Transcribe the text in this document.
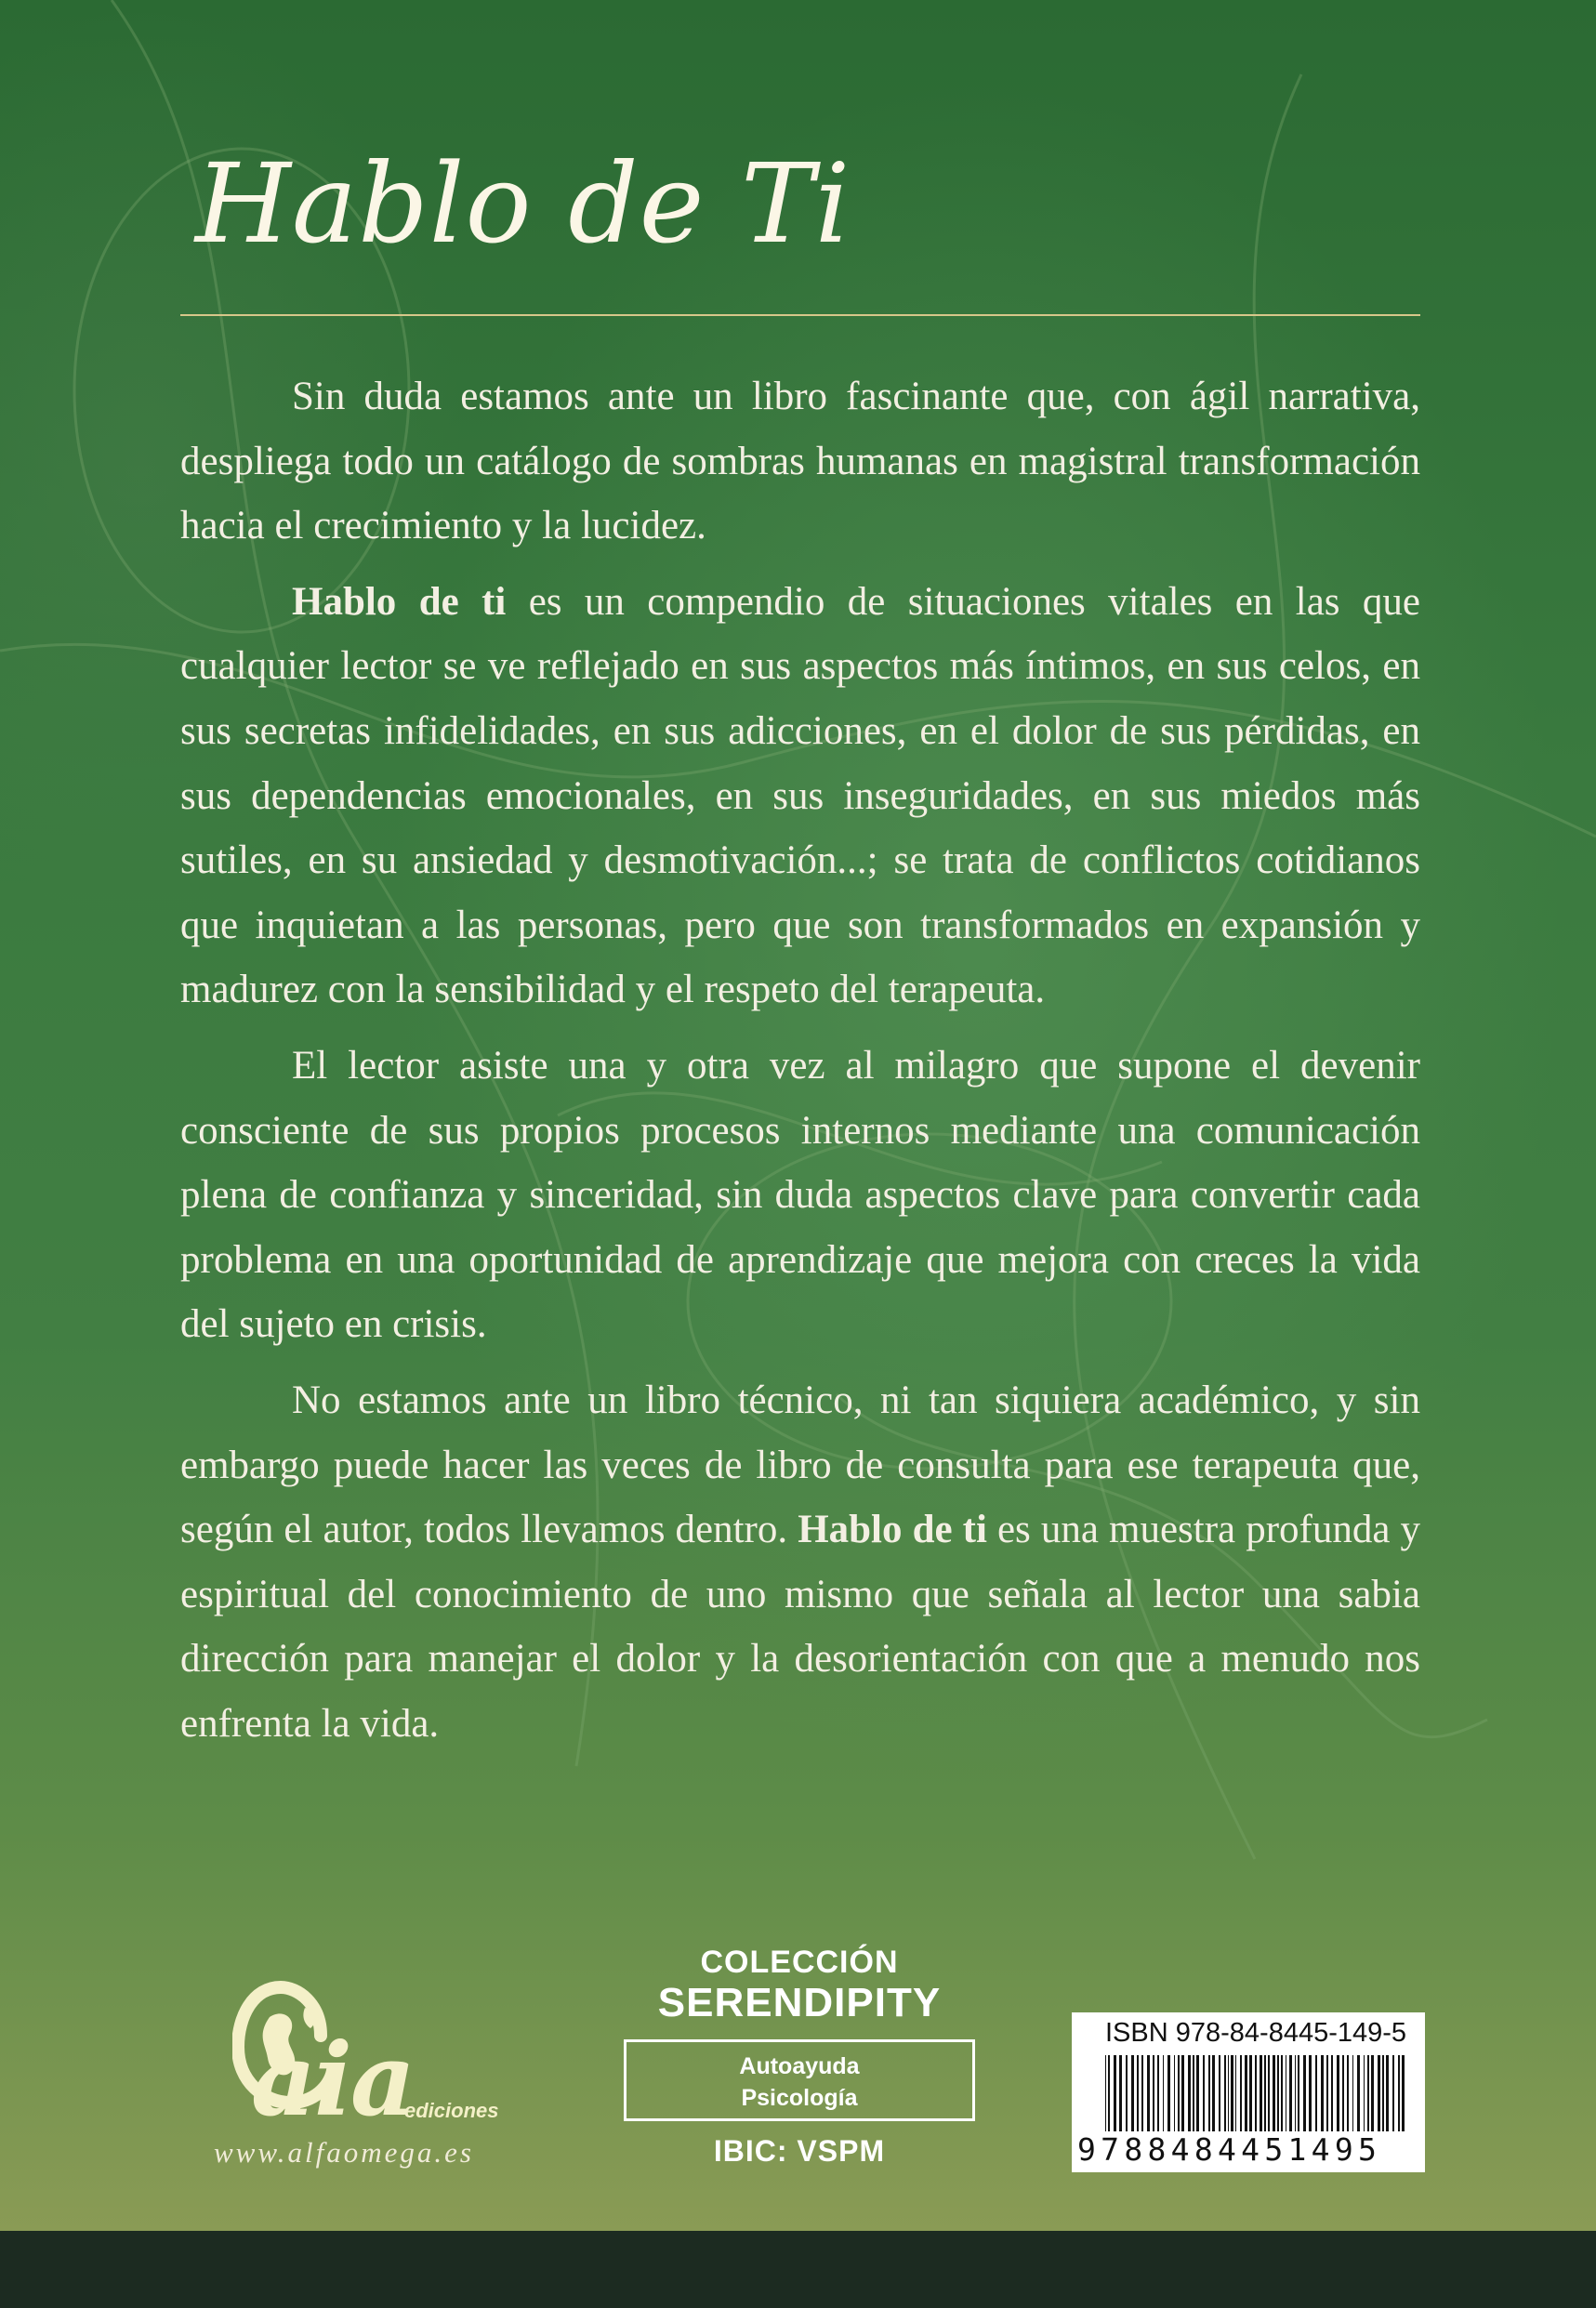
Hablo de Ti

Sin duda estamos ante un libro fascinante que, con ágil narrativa, despliega todo un catálogo de sombras humanas en magistral transformación hacia el crecimiento y la lucidez.

Hablo de ti es un compendio de situaciones vitales en las que cualquier lector se ve reflejado en sus aspectos más íntimos, en sus celos, en sus secretas infidelidades, en sus adicciones, en el dolor de sus pérdidas, en sus dependencias emocionales, en sus inseguridades, en sus miedos más sutiles, en su ansiedad y desmotivación...; se trata de conflictos cotidianos que inquietan a las personas, pero que son transformados en expansión y madurez con la sensibilidad y el respeto del terapeuta.

El lector asiste una y otra vez al milagro que supone el devenir consciente de sus propios procesos internos mediante una comunicación plena de confianza y sinceridad, sin duda aspectos clave para convertir cada problema en una oportunidad de aprendizaje que mejora con creces la vida del sujeto en crisis.

No estamos ante un libro técnico, ni tan siquiera académico, y sin embargo puede hacer las veces de libro de consulta para ese terapeuta que, según el autor, todos llevamos dentro. Hablo de ti es una muestra profunda y espiritual del conocimiento de uno mismo que señala al lector una sabia dirección para manejar el dolor y la desorientación con que a menudo nos enfrenta la vida.

aia
ediciones
www.alfaomega.es
COLECCIÓN
SERENDIPITY
Autoayuda
Psicología
IBIC: VSPM
ISBN 978-84-8445-149-5
9788484451495
